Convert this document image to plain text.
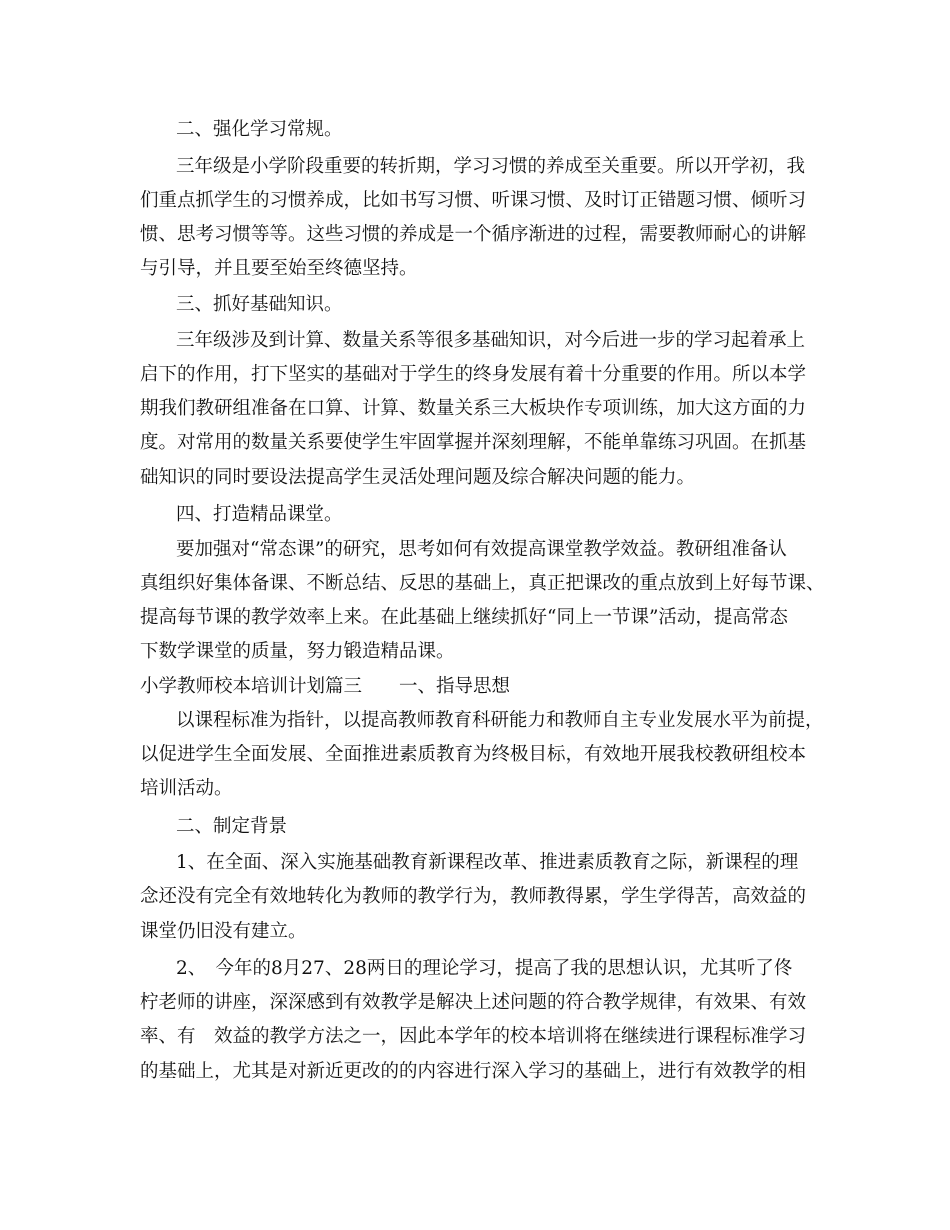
二、强化学习常规。
三年级是小学阶段重要的转折期，学习习惯的养成至关重要。所以开学初，我
们重点抓学生的习惯养成，比如书写习惯、听课习惯、及时订正错题习惯、倾听习
惯、思考习惯等等。这些习惯的养成是一个循序渐进的过程，需要教师耐心的讲解
与引导，并且要至始至终德坚持。
三、抓好基础知识。
三年级涉及到计算、数量关系等很多基础知识，对今后进一步的学习起着承上
启下的作用，打下坚实的基础对于学生的终身发展有着十分重要的作用。所以本学
期我们教研组准备在口算、计算、数量关系三大板块作专项训练，加大这方面的力
度。对常用的数量关系要使学生牢固掌握并深刻理解，不能单靠练习巩固。在抓基
础知识的同时要设法提高学生灵活处理问题及综合解决问题的能力。
四、打造精品课堂。
要加强对“常态课”的研究，思考如何有效提高课堂教学效益。教研组准备认
真组织好集体备课、不断总结、反思的基础上，真正把课改的重点放到上好每节课、
提高每节课的教学效率上来。在此基础上继续抓好“同上一节课”活动，提高常态
下数学课堂的质量，努力锻造精品课。
小学教师校本培训计划篇三　　一、指导思想
以课程标准为指针，以提高教师教育科研能力和教师自主专业发展水平为前提，
以促进学生全面发展、全面推进素质教育为终极目标，有效地开展我校教研组校本
培训活动。
二、制定背景
1、在全面、深入实施基础教育新课程改革、推进素质教育之际，新课程的理
念还没有完全有效地转化为教师的教学行为，教师教得累，学生学得苦，高效益的
课堂仍旧没有建立。
2、　今年的8月27、28两日的理论学习，提高了我的思想认识，尤其听了佟
柠老师的讲座，深深感到有效教学是解决上述问题的符合教学规律，有效果、有效
率、有　效益的教学方法之一，因此本学年的校本培训将在继续进行课程标准学习
的基础上，尤其是对新近更改的的内容进行深入学习的基础上，进行有效教学的相
